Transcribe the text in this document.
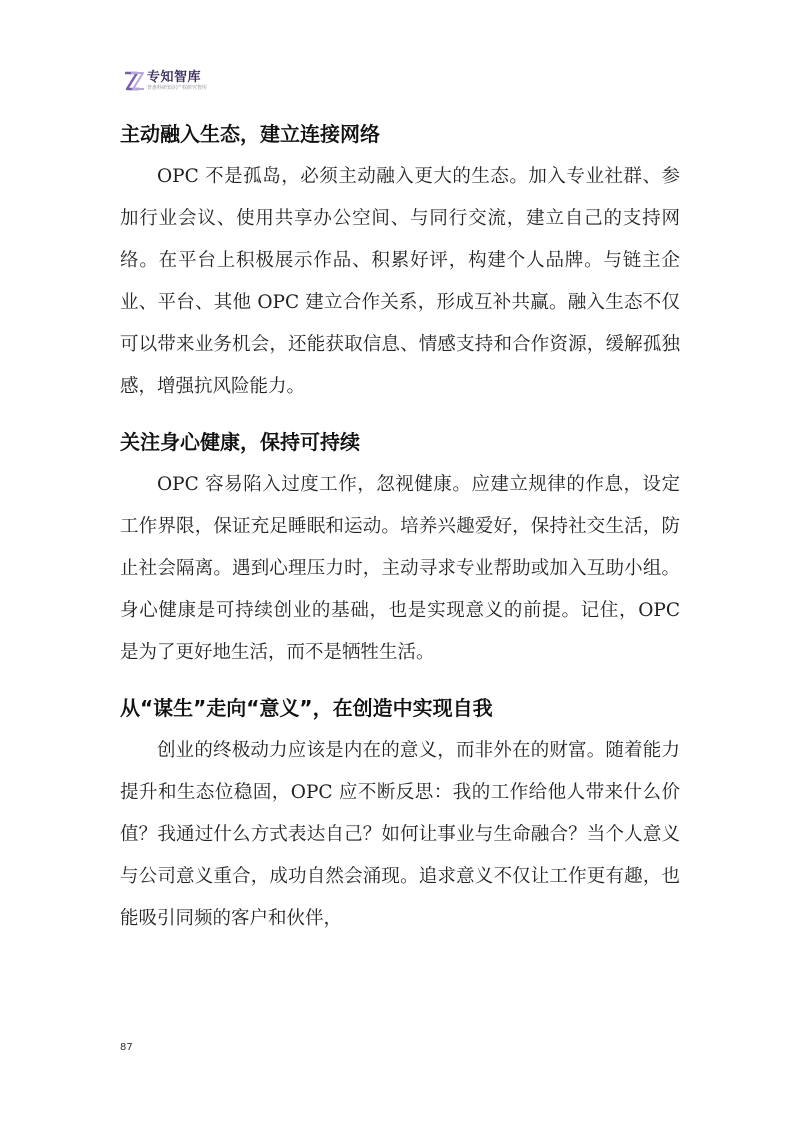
专知智库
普惠科研知识产权研究智库
主动融入生态，建立连接网络

OPC 不是孤岛，必须主动融入更大的生态。加入专业社群、参加行业会议、使用共享办公空间、与同行交流，建立自己的支持网络。在平台上积极展示作品、积累好评，构建个人品牌。与链主企业、平台、其他 OPC 建立合作关系，形成互补共赢。融入生态不仅可以带来业务机会，还能获取信息、情感支持和合作资源，缓解孤独感，增强抗风险能力。

关注身心健康，保持可持续

OPC 容易陷入过度工作，忽视健康。应建立规律的作息，设定工作界限，保证充足睡眠和运动。培养兴趣爱好，保持社交生活，防止社会隔离。遇到心理压力时，主动寻求专业帮助或加入互助小组。身心健康是可持续创业的基础，也是实现意义的前提。记住，OPC 是为了更好地生活，而不是牺牲生活。

从“谋生”走向“意义”，在创造中实现自我

创业的终极动力应该是内在的意义，而非外在的财富。随着能力提升和生态位稳固，OPC 应不断反思：我的工作给他人带来什么价值？我通过什么方式表达自己？如何让事业与生命融合？当个人意义与公司意义重合，成功自然会涌现。追求意义不仅让工作更有趣，也能吸引同频的客户和伙伴，

87
